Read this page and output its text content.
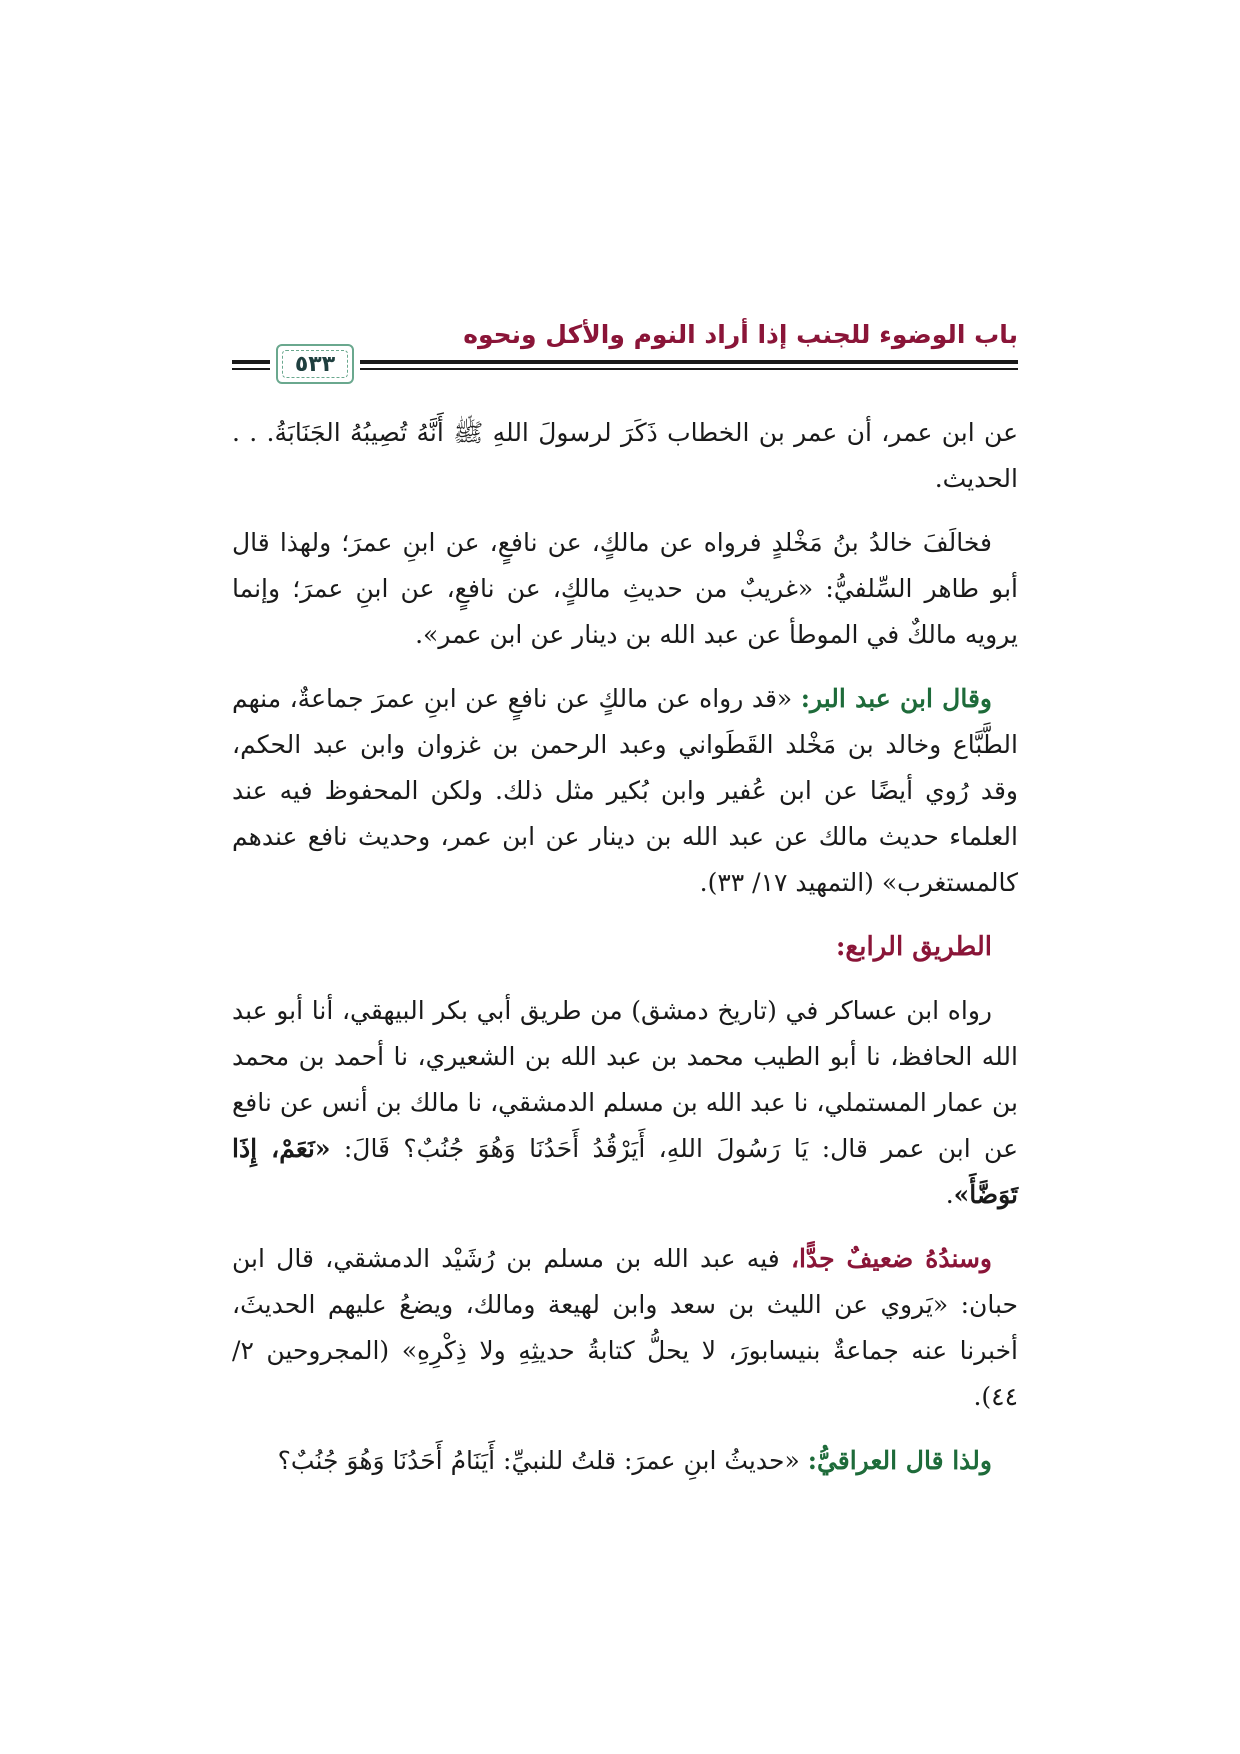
باب الوضوء للجنب إذا أراد النوم والأكل ونحوه
٥٣٣

عن ابن عمر، أن عمر بن الخطاب ذَكَرَ لرسولَ اللهِ ﷺ أَنَّهُ تُصِيبُهُ الجَنَابَةُ. . . الحديث.

فخالَفَ خالدُ بنُ مَخْلدٍ فرواه عن مالكٍ، عن نافعٍ، عن ابنِ عمرَ؛ ولهذا قال أبو طاهر السِّلفيُّ: «غريبٌ من حديثِ مالكٍ، عن نافعٍ، عن ابنِ عمرَ؛ وإنما يرويه مالكٌ في الموطأ عن عبد الله بن دينار عن ابن عمر».

وقال ابن عبد البر: «قد رواه عن مالكٍ عن نافعٍ عن ابنِ عمرَ جماعةٌ، منهم الطَّبَّاع وخالد بن مَخْلد القَطَواني وعبد الرحمن بن غزوان وابن عبد الحكم، وقد رُوي أيضًا عن ابن عُفير وابن بُكير مثل ذلك. ولكن المحفوظ فيه عند العلماء حديث مالك عن عبد الله بن دينار عن ابن عمر، وحديث نافع عندهم كالمستغرب» (التمهيد ١٧/ ٣٣).

الطريق الرابع:

رواه ابن عساكر في (تاريخ دمشق) من طريق أبي بكر البيهقي، أنا أبو عبد الله الحافظ، نا أبو الطيب محمد بن عبد الله بن الشعيري، نا أحمد بن محمد بن عمار المستملي، نا عبد الله بن مسلم الدمشقي، نا مالك بن أنس عن نافع عن ابن عمر قال: يَا رَسُولَ اللهِ، أَيَرْقُدُ أَحَدُنَا وَهُوَ جُنُبٌ؟ قَالَ: «نَعَمْ، إِذَا تَوَضَّأَ».

وسندُهُ ضعيفٌ جدًّا، فيه عبد الله بن مسلم بن رُشَيْد الدمشقي، قال ابن حبان: «يَروي عن الليث بن سعد وابن لهيعة ومالك، ويضعُ عليهم الحديثَ، أخبرنا عنه جماعةٌ بنيسابورَ، لا يحلُّ كتابةُ حديثِهِ ولا ذِكْرِهِ» (المجروحين ٢/ ٤٤).

ولذا قال العراقيُّ: «حديثُ ابنِ عمرَ: قلتُ للنبيِّ: أَيَنَامُ أَحَدُنَا وَهُوَ جُنُبٌ؟
